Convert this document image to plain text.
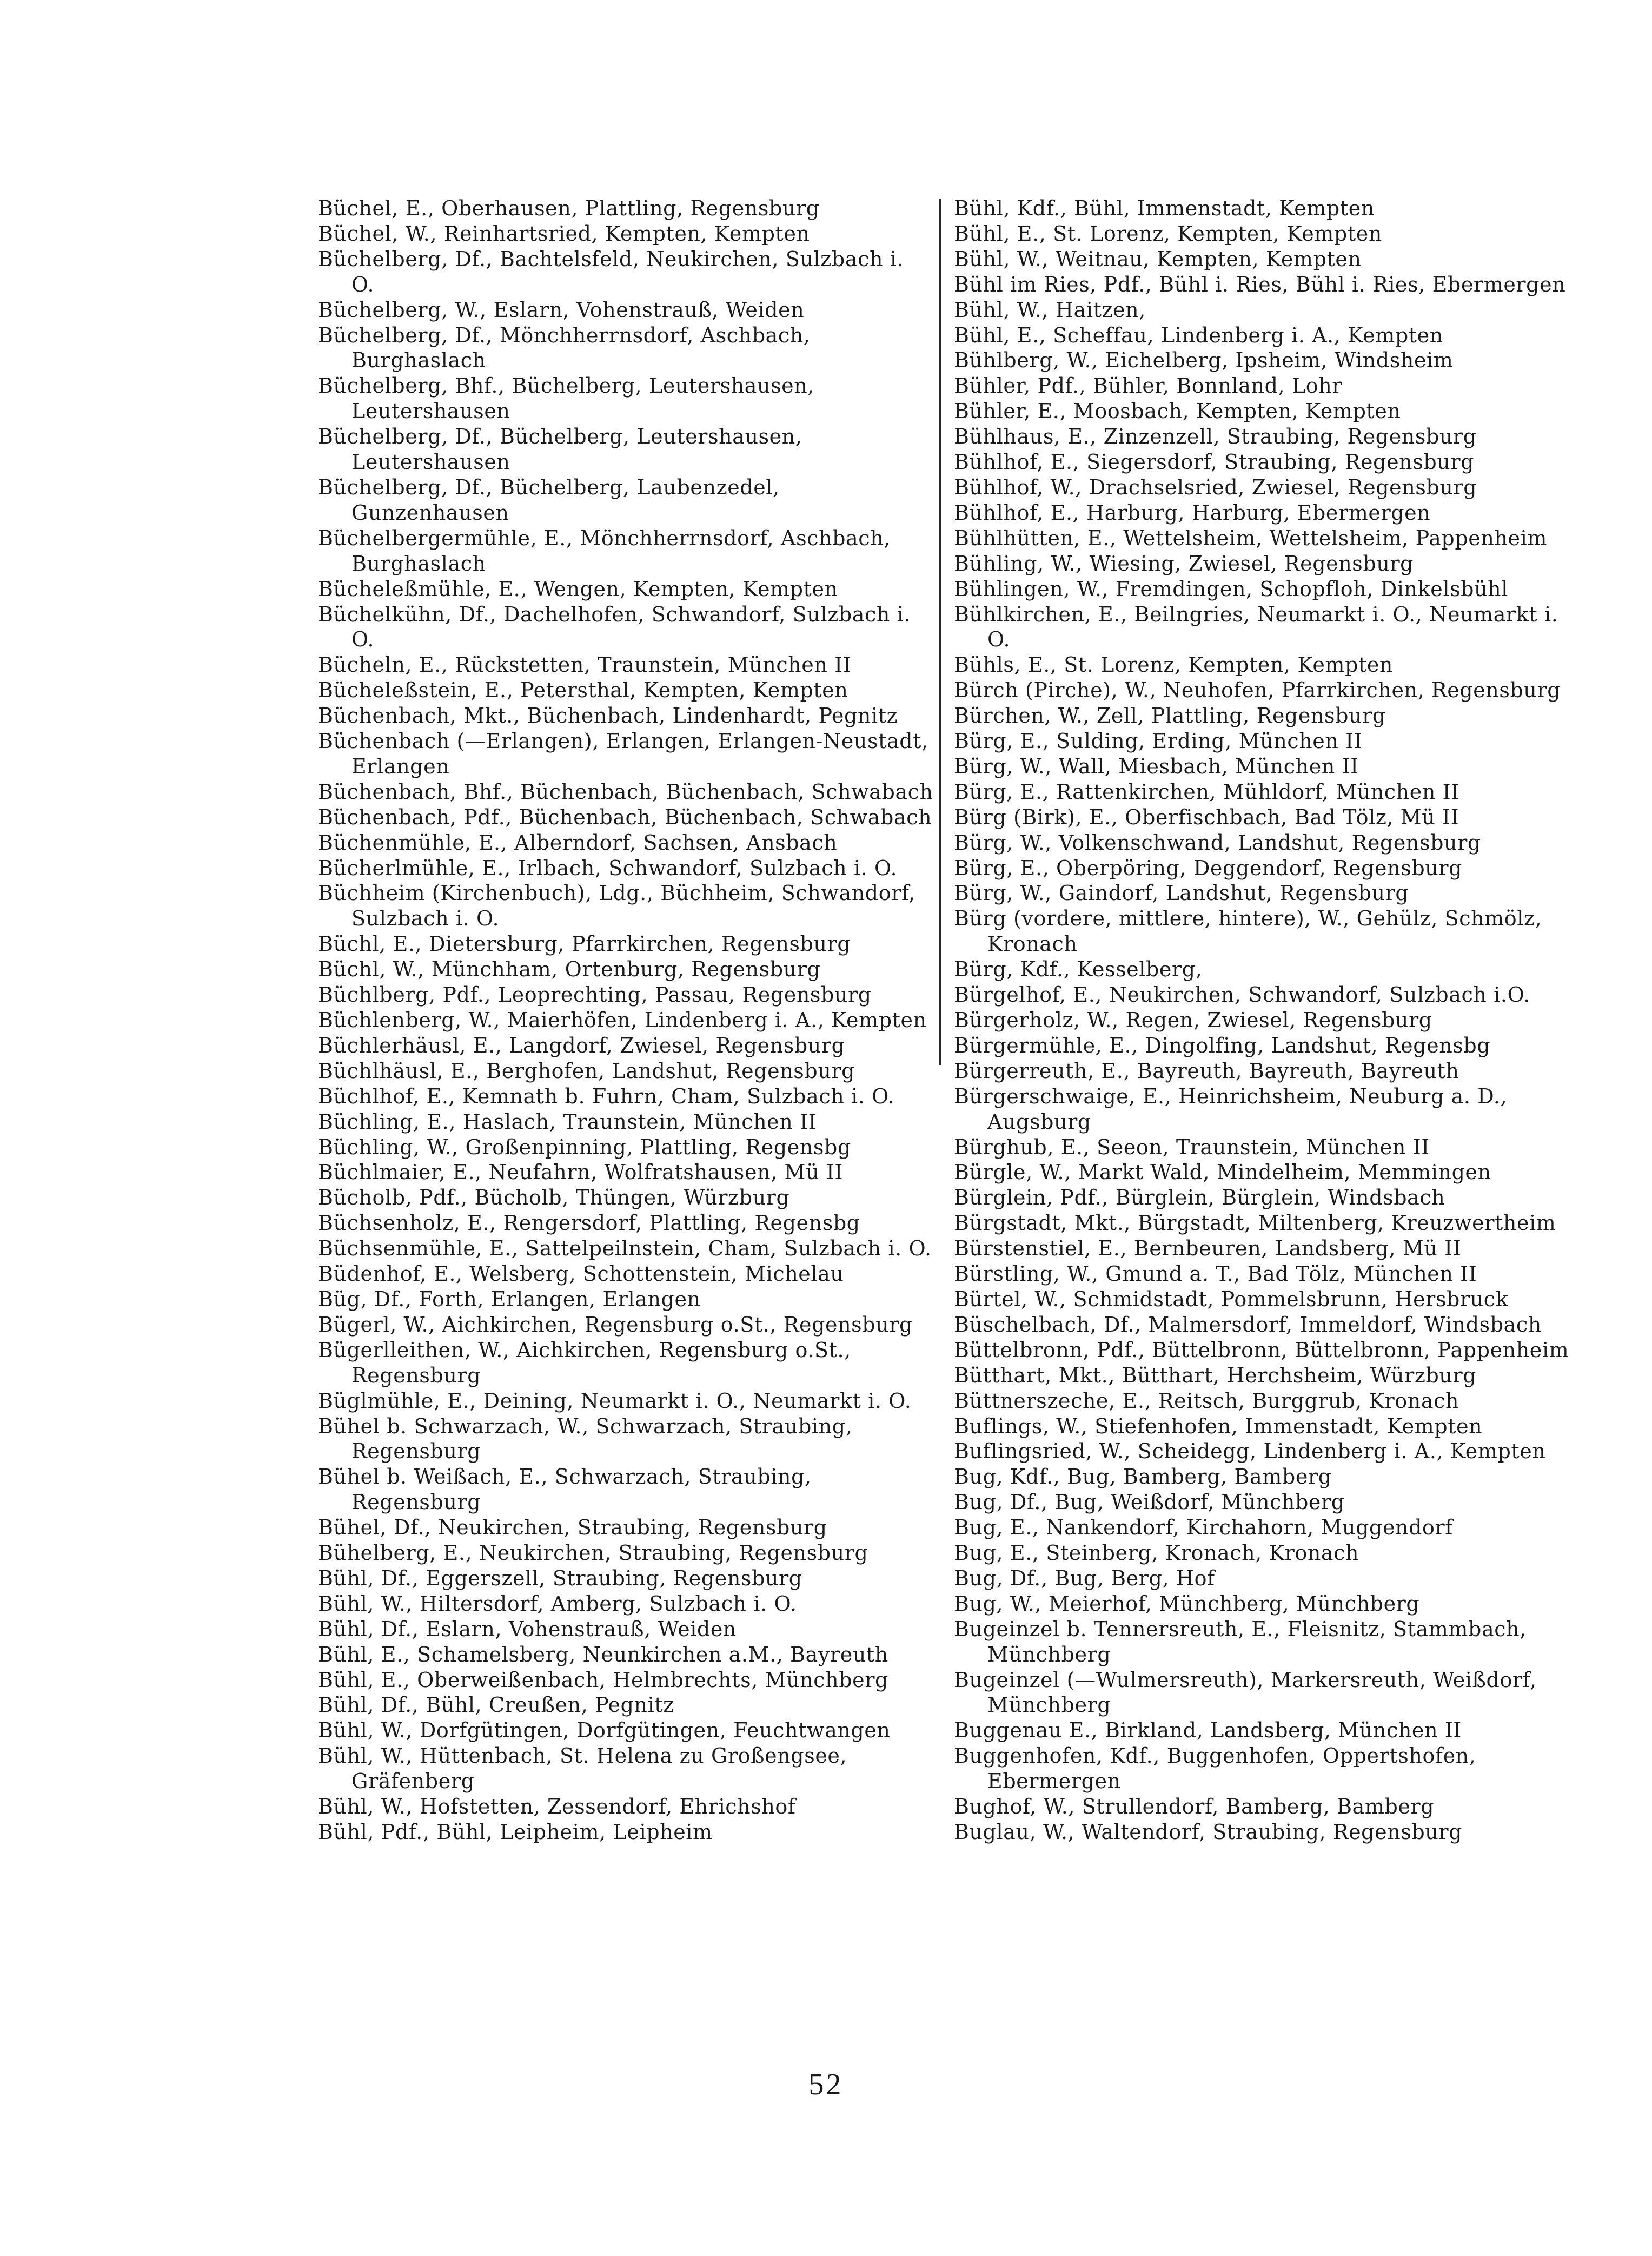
Büchel, E., Oberhausen, Plattling, Regensburg
Büchel, W., Reinhartsried, Kempten, Kempten
Büchelberg, Df., Bachtelsfeld, Neukirchen, Sulzbach i. O.
Büchelberg, W., Eslarn, Vohenstrauß, Weiden
Büchelberg, Df., Mönchherrnsdorf, Aschbach, Burghaslach
Büchelberg, Bhf., Büchelberg, Leutershausen, Leutershausen
Büchelberg, Df., Büchelberg, Leutershausen, Leutershausen
Büchelberg, Df., Büchelberg, Laubenzedel, Gunzenhausen
Büchelbergermühle, E., Mönchherrnsdorf, Aschbach, Burghaslach
Bücheleßmühle, E., Wengen, Kempten, Kempten
Büchelkühn, Df., Dachelhofen, Schwandorf, Sulzbach i. O.
Bücheln, E., Rückstetten, Traunstein, München II
Bücheleßstein, E., Petersthal, Kempten, Kempten
Büchenbach, Mkt., Büchenbach, Lindenhardt, Pegnitz
Büchenbach (—Erlangen), Erlangen, Erlangen-Neustadt, Erlangen
Büchenbach, Bhf., Büchenbach, Büchenbach, Schwabach
Büchenbach, Pdf., Büchenbach, Büchenbach, Schwabach
Büchenmühle, E., Alberndorf, Sachsen, Ansbach
Bücherlmühle, E., Irlbach, Schwandorf, Sulzbach i. O.
Büchheim (Kirchenbuch), Ldg., Büchheim, Schwandorf, Sulzbach i. O.
Büchl, E., Dietersburg, Pfarrkirchen, Regensburg
Büchl, W., Münchham, Ortenburg, Regensburg
Büchlberg, Pdf., Leoprechting, Passau, Regensburg
Büchlenberg, W., Maierhöfen, Lindenberg i. A., Kempten
Büchlerhäusl, E., Langdorf, Zwiesel, Regensburg
Büchlhäusl, E., Berghofen, Landshut, Regensburg
Büchlhof, E., Kemnath b. Fuhrn, Cham, Sulzbach i. O.
Büchling, E., Haslach, Traunstein, München II
Büchling, W., Großenpinning, Plattling, Regensbg
Büchlmaier, E., Neufahrn, Wolfratshausen, Mü II
Bücholb, Pdf., Bücholb, Thüngen, Würzburg
Büchsenholz, E., Rengersdorf, Plattling, Regensbg
Büchsenmühle, E., Sattelpeilnstein, Cham, Sulzbach i. O.
Büdenhof, E., Welsberg, Schottenstein, Michelau
Büg, Df., Forth, Erlangen, Erlangen
Bügerl, W., Aichkirchen, Regensburg o.St., Regensburg
Bügerlleithen, W., Aichkirchen, Regensburg o.St., Regensburg
Büglmühle, E., Deining, Neumarkt i. O., Neumarkt i. O.
Bühel b. Schwarzach, W., Schwarzach, Straubing, Regensburg
Bühel b. Weißach, E., Schwarzach, Straubing, Regensburg
Bühel, Df., Neukirchen, Straubing, Regensburg
Bühelberg, E., Neukirchen, Straubing, Regensburg
Bühl, Df., Eggerszell, Straubing, Regensburg
Bühl, W., Hiltersdorf, Amberg, Sulzbach i. O.
Bühl, Df., Eslarn, Vohenstrauß, Weiden
Bühl, E., Schamelsberg, Neunkirchen a.M., Bayreuth
Bühl, E., Oberweißenbach, Helmbrechts, Münchberg
Bühl, Df., Bühl, Creußen, Pegnitz
Bühl, W., Dorfgütingen, Dorfgütingen, Feuchtwangen
Bühl, W., Hüttenbach, St. Helena zu Großengsee, Gräfenberg
Bühl, W., Hofstetten, Zessendorf, Ehrichshof
Bühl, Pdf., Bühl, Leipheim, Leipheim
Bühl, Kdf., Bühl, Immenstadt, Kempten
Bühl, E., St. Lorenz, Kempten, Kempten
Bühl, W., Weitnau, Kempten, Kempten
Bühl im Ries, Pdf., Bühl i. Ries, Bühl i. Ries, Ebermergen
Bühl, W., Haitzen,
Bühl, E., Scheffau, Lindenberg i. A., Kempten
Bühlberg, W., Eichelberg, Ipsheim, Windsheim
Bühler, Pdf., Bühler, Bonnland, Lohr
Bühler, E., Moosbach, Kempten, Kempten
Bühlhaus, E., Zinzenzell, Straubing, Regensburg
Bühlhof, E., Siegersdorf, Straubing, Regensburg
Bühlhof, W., Drachselsried, Zwiesel, Regensburg
Bühlhof, E., Harburg, Harburg, Ebermergen
Bühlhütten, E., Wettelsheim, Wettelsheim, Pappenheim
Bühling, W., Wiesing, Zwiesel, Regensburg
Bühlingen, W., Fremdingen, Schopfloh, Dinkelsbühl
Bühlkirchen, E., Beilngries, Neumarkt i. O., Neumarkt i. O.
Bühls, E., St. Lorenz, Kempten, Kempten
Bürch (Pirche), W., Neuhofen, Pfarrkirchen, Regensburg
Bürchen, W., Zell, Plattling, Regensburg
Bürg, E., Sulding, Erding, München II
Bürg, W., Wall, Miesbach, München II
Bürg, E., Rattenkirchen, Mühldorf, München II
Bürg (Birk), E., Oberfischbach, Bad Tölz, Mü II
Bürg, W., Volkenschwand, Landshut, Regensburg
Bürg, E., Oberpöring, Deggendorf, Regensburg
Bürg, W., Gaindorf, Landshut, Regensburg
Bürg (vordere, mittlere, hintere), W., Gehülz, Schmölz, Kronach
Bürg, Kdf., Kesselberg,
Bürgelhof, E., Neukirchen, Schwandorf, Sulzbach i.O.
Bürgerholz, W., Regen, Zwiesel, Regensburg
Bürgermühle, E., Dingolfing, Landshut, Regensbg
Bürgerreuth, E., Bayreuth, Bayreuth, Bayreuth
Bürgerschwaige, E., Heinrichsheim, Neuburg a. D., Augsburg
Bürghub, E., Seeon, Traunstein, München II
Bürgle, W., Markt Wald, Mindelheim, Memmingen
Bürglein, Pdf., Bürglein, Bürglein, Windsbach
Bürgstadt, Mkt., Bürgstadt, Miltenberg, Kreuzwertheim
Bürstenstiel, E., Bernbeuren, Landsberg, Mü II
Bürstling, W., Gmund a. T., Bad Tölz, München II
Bürtel, W., Schmidstadt, Pommelsbrunn, Hersbruck
Büschelbach, Df., Malmersdorf, Immeldorf, Windsbach
Büttelbronn, Pdf., Büttelbronn, Büttelbronn, Pappenheim
Bütthart, Mkt., Bütthart, Herchsheim, Würzburg
Büttnerszeche, E., Reitsch, Burggrub, Kronach
Buflings, W., Stiefenhofen, Immenstadt, Kempten
Buflingsried, W., Scheidegg, Lindenberg i. A., Kempten
Bug, Kdf., Bug, Bamberg, Bamberg
Bug, Df., Bug, Weißdorf, Münchberg
Bug, E., Nankendorf, Kirchahorn, Muggendorf
Bug, E., Steinberg, Kronach, Kronach
Bug, Df., Bug, Berg, Hof
Bug, W., Meierhof, Münchberg, Münchberg
Bugeinzel b. Tennersreuth, E., Fleisnitz, Stammbach, Münchberg
Bugeinzel (—Wulmersreuth), Markersreuth, Weißdorf, Münchberg
Buggenau E., Birkland, Landsberg, München II
Buggenhofen, Kdf., Buggenhofen, Oppertshofen, Ebermergen
Bughof, W., Strullendorf, Bamberg, Bamberg
Buglau, W., Waltendorf, Straubing, Regensburg
52
